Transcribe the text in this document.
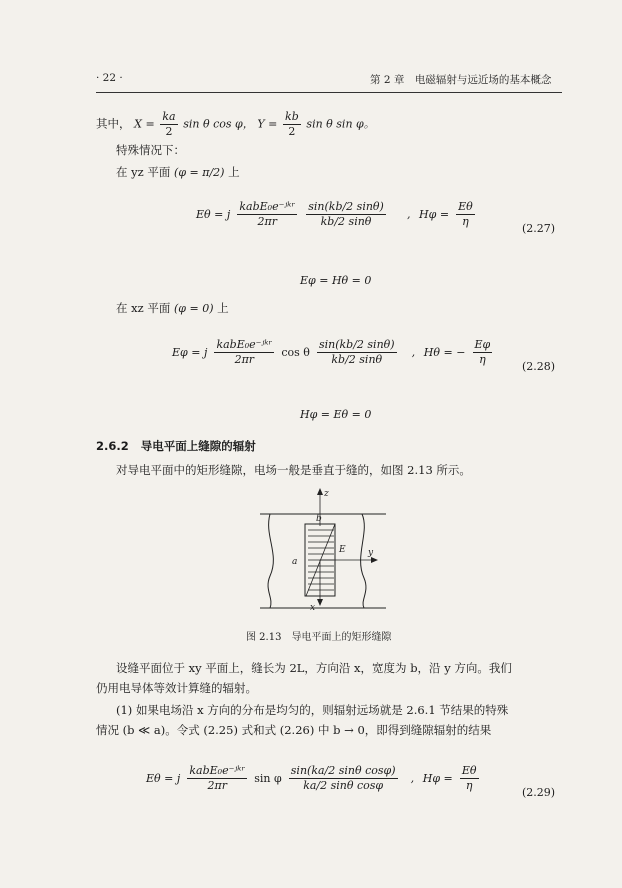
· 22 ·	第 2 章　电磁辐射与远近场的基本概念
其中， $X = \frac{ka}{2}$ sin θ cos φ， $Y = \frac{kb}{2}$ sin θ sin φ。
特殊情况下：
在 yz 平面 (φ = π/2) 上
Eθ = j $\frac{\text{kabE₀e⁻ʲᵏʳ}}{2\pi r}$
$\frac{\sin(kb/2 \sin\theta)}{kb/2 \sin\theta}$ ,  $H\varphi = \frac{E\theta}{\eta}$	(2.27)
Eφ = Hθ = 0
在 xz 平面 (φ = 0) 上
Eφ = j $\frac{\text{kabE₀e⁻ʲᵏʳ}}{2\pi r}$ cos θ $\frac{\sin(kb/2 \sin\theta)}{kb/2 \sin\theta}$ ,  Hθ = − $\frac{E\varphi}{\eta}$	(2.28)
Hφ = Eθ = 0
2.6.2 导电平面上缝隙的辐射
对导电平面中的矩形缝隙，电场一般是垂直于缝的，如图 2.13 所示。
z
y
x
a
b
E
图 2.13　导电平面上的矩形缝隙
设缝平面位于 xy 平面上，缝长为 2L，方向沿 x，宽度为 b，沿 y 方向。我们
仍用电导体等效计算缝的辐射。
(1) 如果电场沿 x 方向的分布是均匀的，则辐射远场就是 2.6.1 节结果的特殊
情况 (b ≪ a)。令式 (2.25) 式和式 (2.26) 中 b → 0，即得到缝隙辐射的结果
Eθ = j $\frac{\text{kabE₀e⁻ʲᵏʳ}}{2\pi r}$ sin φ $\frac{\text{sin(ka/2 sinθ cosφ)}}{\text{ka/2 sinθ cosφ}}$ ,  $H\varphi = \frac{E\theta}{\eta}$	(2.29)
